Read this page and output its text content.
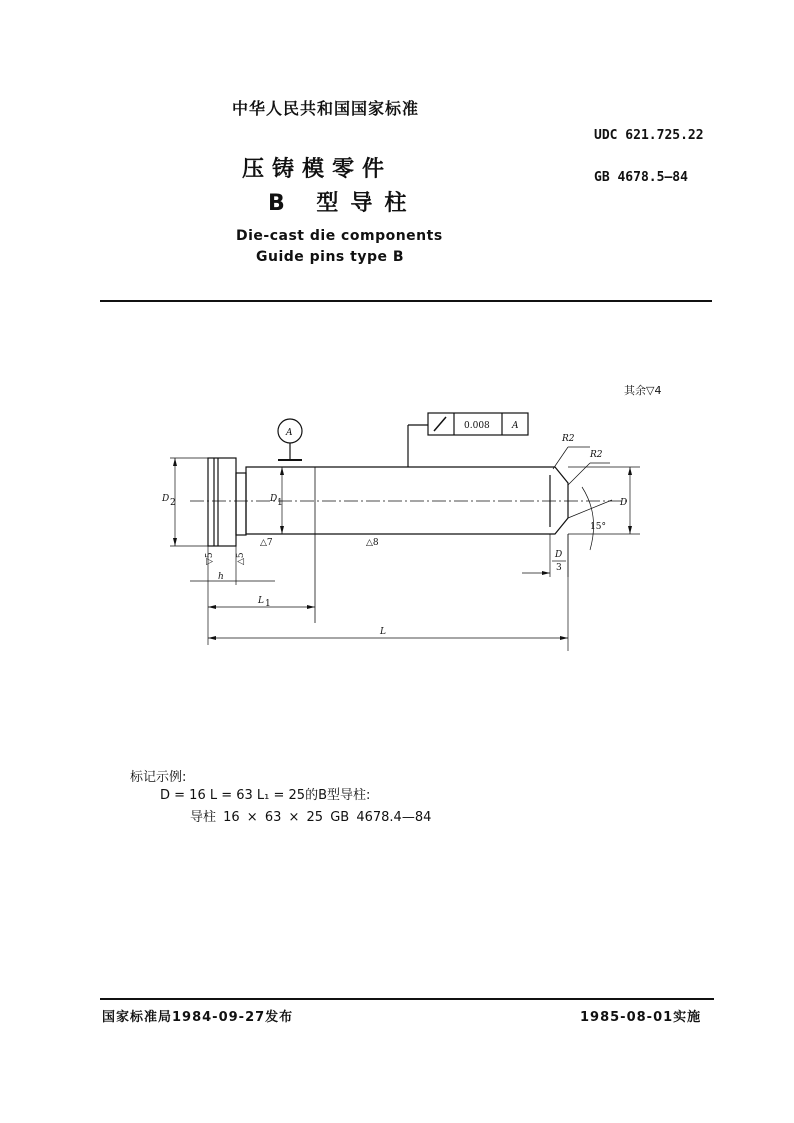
中华人民共和国国家标准
UDC 621.725.22
GB 4678.5—84
压铸模零件
B 型导柱
Die-cast die components
Guide pins type B
其余▽4
A
0.008 A
R2
R2
15°
D
D 2	D 1
D
3
h
L 1
L
△7	△8
▽5 △5
标记示例:
D = 16 L = 63 L₁ = 25的B型导柱:
导柱 16 × 63 × 25 GB 4678.4—84
国家标准局1984-09-27发布	1985-08-01实施
